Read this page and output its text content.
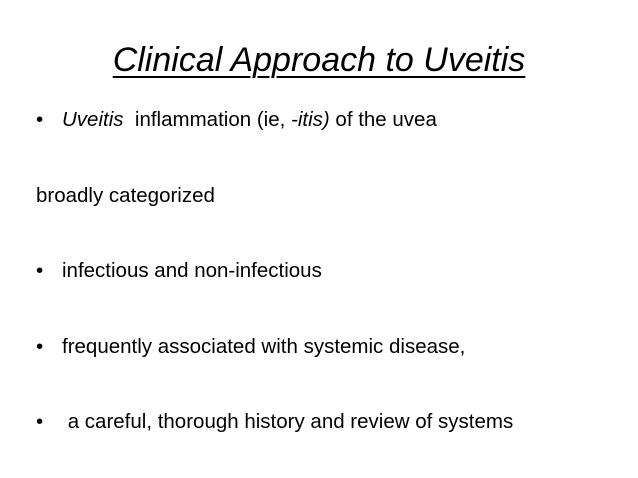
Clinical Approach to Uveitis
• Uveitis  inflammation (ie, -itis) of the uvea
broadly categorized
• infectious and non-infectious
• frequently associated with systemic disease,
• a careful, thorough history and review of systems
